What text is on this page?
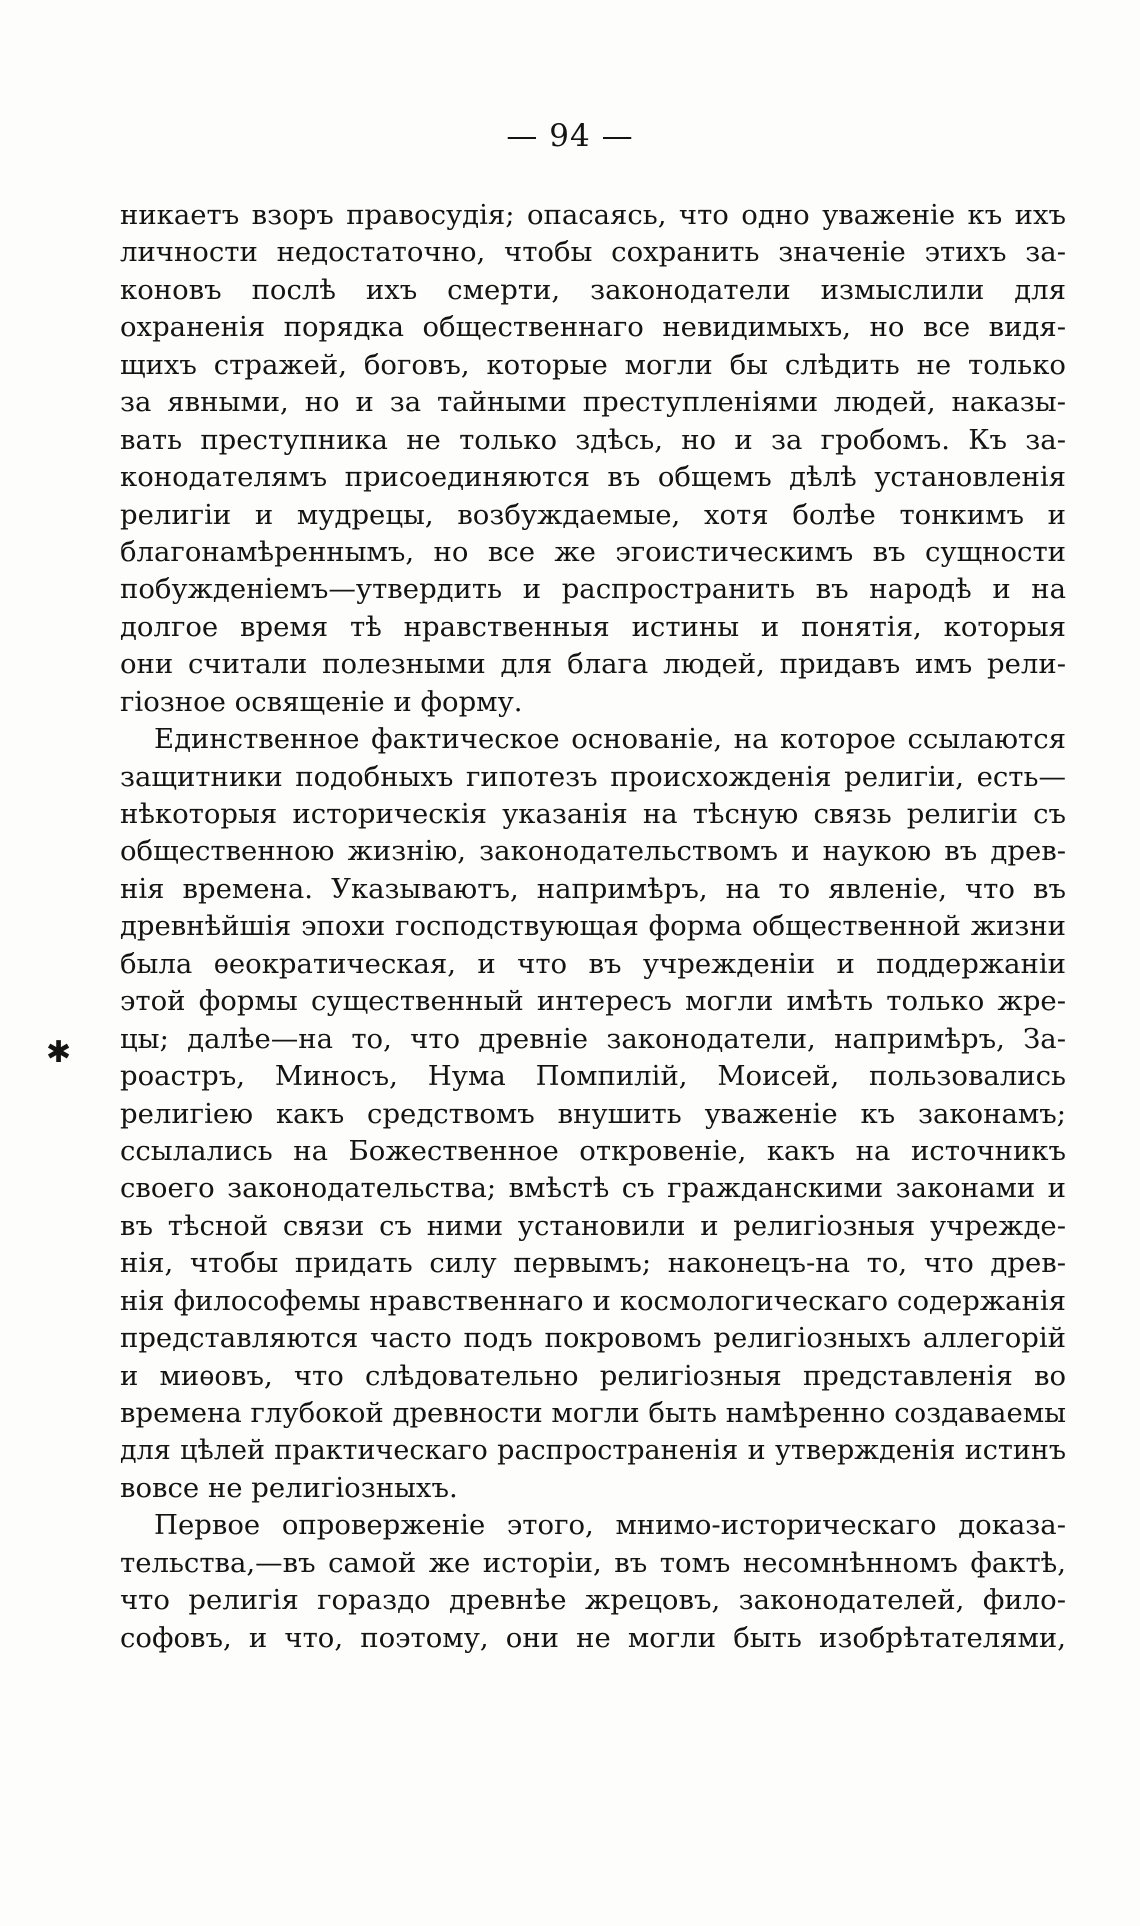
— 94 —
✱
никаетъ взоръ правосудія; опасаясь, что одно уваженіе къ ихъ
личности недостаточно, чтобы сохранить значеніе этихъ за-
коновъ послѣ ихъ смерти, законодатели измыслили для
охраненія порядка общественнаго невидимыхъ, но все видя-
щихъ стражей, боговъ, которые могли бы слѣдить не только
за явными, но и за тайными преступленіями людей, наказы-
вать преступника не только здѣсь, но и за гробомъ. Къ за-
конодателямъ присоединяются въ общемъ дѣлѣ установленія
религіи и мудрецы, возбуждаемые, хотя болѣе тонкимъ и
благонамѣреннымъ, но все же эгоистическимъ въ сущности
побужденіемъ—утвердить и распространить въ народѣ и на
долгое время тѣ нравственныя истины и понятія, которыя
они считали полезными для блага людей, придавъ имъ рели-
гіозное освященіе и форму.
Единственное фактическое основаніе, на которое ссылаются
защитники подобныхъ гипотезъ происхожденія религіи, есть—
нѣкоторыя историческія указанія на тѣсную связь религіи съ
общественною жизнію, законодательствомъ и наукою въ древ-
нія времена. Указываютъ, напримѣръ, на то явленіе, что въ
древнѣйшія эпохи господствующая форма общественной жизни
была ѳеократическая, и что въ учрежденіи и поддержаніи
этой формы существенный интересъ могли имѣть только жре-
цы; далѣе—на то, что древніе законодатели, напримѣръ, За-
роастръ, Миносъ, Нума Помпилій, Моисей, пользовались
религіею какъ средствомъ внушить уваженіе къ законамъ;
ссылались на Божественное откровеніе, какъ на источникъ
своего законодательства; вмѣстѣ съ гражданскими законами и
въ тѣсной связи съ ними установили и религіозныя учрежде-
нія, чтобы придать силу первымъ; наконецъ-на то, что древ-
нія философемы нравственнаго и космологическаго содержанія
представляются часто подъ покровомъ религіозныхъ аллегорій
и миѳовъ, что слѣдовательно религіозныя представленія во
времена глубокой древности могли быть намѣренно создаваемы
для цѣлей практическаго распространенія и утвержденія истинъ
вовсе не религіозныхъ.
Первое опроверженіе этого, мнимо-историческаго доказа-
тельства,—въ самой же исторіи, въ томъ несомнѣнномъ фактѣ,
что религія гораздо древнѣе жрецовъ, законодателей, фило-
софовъ, и что, поэтому, они не могли быть изобрѣтателями,
